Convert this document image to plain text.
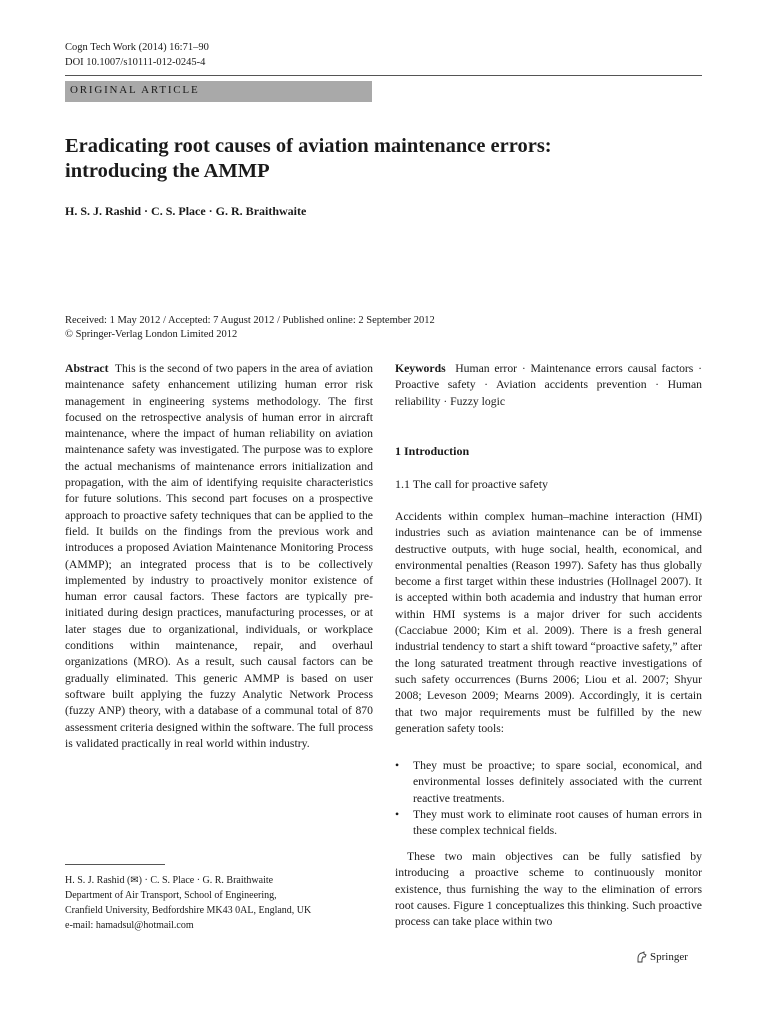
Cogn Tech Work (2014) 16:71–90
DOI 10.1007/s10111-012-0245-4
ORIGINAL ARTICLE
Eradicating root causes of aviation maintenance errors:
introducing the AMMP
H. S. J. Rashid · C. S. Place · G. R. Braithwaite
Received: 1 May 2012 / Accepted: 7 August 2012 / Published online: 2 September 2012
© Springer-Verlag London Limited 2012

Abstract This is the second of two papers in the area of aviation maintenance safety enhancement utilizing human error risk management in engineering systems methodology. The first focused on the retrospective analysis of human error in aircraft maintenance, where the impact of human reliability on aviation maintenance safety was investigated. The purpose was to explore the actual mechanisms of maintenance errors initialization and propagation, with the aim of identifying requisite characteristics for future solutions. This second part focuses on a prospective approach to proactive safety techniques that can be applied to the field. It builds on the findings from the previous work and introduces a proposed Aviation Maintenance Monitoring Process (AMMP); an integrated process that is to be collectively implemented by industry to proactively monitor existence of human error causal factors. These factors are typically pre-initiated during design practices, manufacturing processes, or at later stages due to organizational, individuals, or workplace conditions within maintenance, repair, and overhaul organizations (MRO). As a result, such causal factors can be gradually eliminated. This generic AMMP is based on user software built applying the fuzzy Analytic Network Process (fuzzy ANP) theory, with a database of a communal total of 870 assessment criteria designed within the software. The full process is validated practically in real world within industry.

Keywords Human error · Maintenance errors causal factors · Proactive safety · Aviation accidents prevention · Human reliability · Fuzzy logic

1 Introduction
1.1 The call for proactive safety

Accidents within complex human–machine interaction (HMI) industries such as aviation maintenance can be of immense destructive outputs, with huge social, health, economical, and environmental penalties (Reason 1997). Safety has thus globally become a first target within these industries (Hollnagel 2007). It is accepted within both academia and industry that human error within HMI systems is a major driver for such accidents (Cacciabue 2000; Kim et al. 2009). There is a fresh general industrial tendency to start a shift toward “proactive safety,” after the long saturated treatment through reactive investigations of such safety occurrences (Burns 2006; Liou et al. 2007; Shyur 2008; Leveson 2009; Mearns 2009). Accordingly, it is certain that two major requirements must be fulfilled by the new generation safety tools:

• They must be proactive; to spare social, economical, and environmental losses definitely associated with the current reactive treatments.
• They must work to eliminate root causes of human errors in these complex technical fields.

These two main objectives can be fully satisfied by introducing a proactive scheme to continuously monitor existence, thus furnishing the way to the elimination of errors root causes. Figure 1 conceptualizes this thinking. Such proactive process can take place within two

H. S. J. Rashid (✉) · C. S. Place · G. R. Braithwaite
Department of Air Transport, School of Engineering,
Cranfield University, Bedfordshire MK43 0AL, England, UK
e-mail: hamadsul@hotmail.com
Springer
